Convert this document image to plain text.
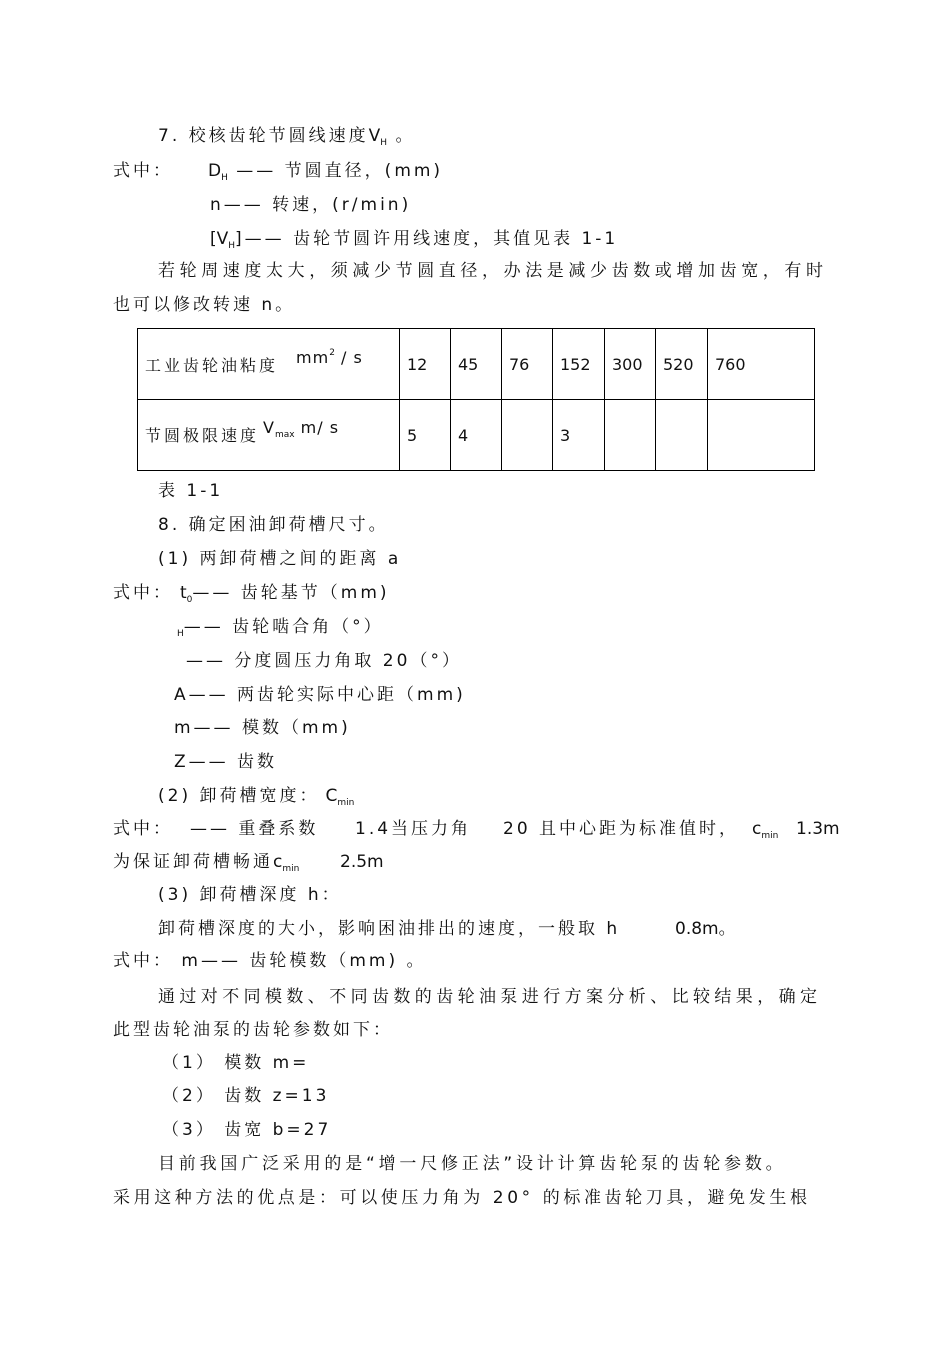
7. 校核齿轮节圆线速度$V_H$ 。
式中： $D_H$ —— 节圆直径，(mm)
n—— 转速，(r/min)
$[V_H]——$ 齿轮节圆许用线速度，其值见表 1-1
若轮周速度太大，须减少节圆直径，办法是减少齿数或增加齿宽，有时
也可以修改转速 n。
工业齿轮油粘度 $mm^2$ / s	12	45	76	152	300	520	760
节圆极限速度 $V_{max}$ m/ s	5	4		3			
表 1-1
8. 确定困油卸荷槽尺寸。
(1) 两卸荷槽之间的距离 a
式中： $t_0——$ 齿轮基节（mm)
$_H$—— 齿轮啮合角（°）
—— 分度圆压力角取 20（°）
A—— 两齿轮实际中心距（mm)
m—— 模数（mm)
Z—— 齿数
(2) 卸荷槽宽度： $C_{min}$
式中： —— 重叠系数 1.4当压力角 20 且中心距为标准值时， $c_{min}$ 1.3m
为保证卸荷槽畅通$c_{min}$ 2.5m
(3) 卸荷槽深度 h：
卸荷槽深度的大小，影响困油排出的速度，一般取 h	0.8m。
式中： m—— 齿轮模数（mm) 。
通过对不同模数、不同齿数的齿轮油泵进行方案分析、比较结果，确定
此型齿轮油泵的齿轮参数如下：
（1） 模数 m=
（2） 齿数 z=13
（3） 齿宽 b=27
目前我国广泛采用的是“增一尺修正法”设计计算齿轮泵的齿轮参数。
采用这种方法的优点是：可以使压力角为 20° 的标准齿轮刀具，避免发生根
